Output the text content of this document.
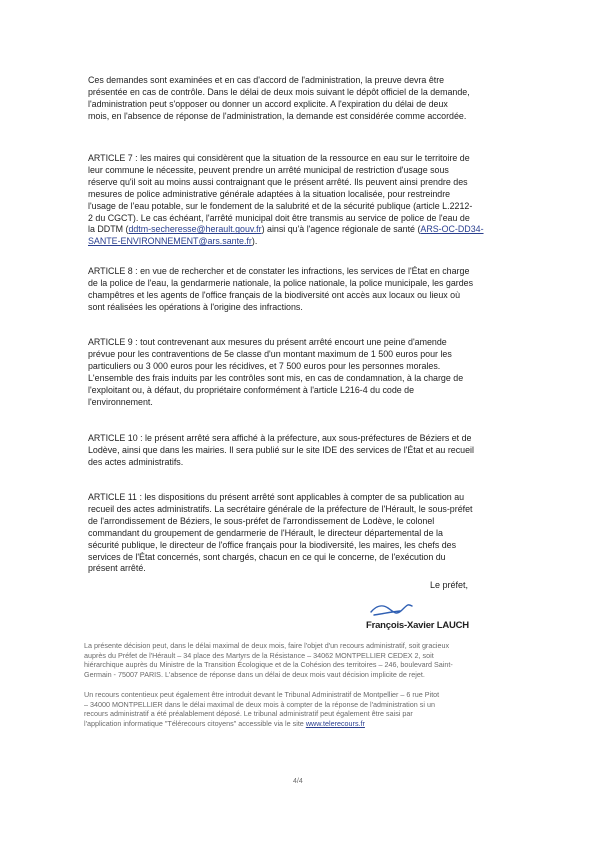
Ces demandes sont examinées et en cas d'accord de l'administration, la preuve devra être
présentée en cas de contrôle. Dans le délai de deux mois suivant le dépôt officiel de la demande,
l'administration peut s'opposer ou donner un accord explicite. A l'expiration du délai de deux
mois, en l'absence de réponse de l'administration, la demande est considérée comme accordée.
ARTICLE 7 : les maires qui considèrent que la situation de la ressource en eau sur le territoire de
leur commune le nécessite, peuvent prendre un arrêté municipal de restriction d'usage sous
réserve qu'il soit au moins aussi contraignant que le présent arrêté. Ils peuvent ainsi prendre des
mesures de police administrative générale adaptées à la situation localisée, pour restreindre
l'usage de l'eau potable, sur le fondement de la salubrité et de la sécurité publique (article L.2212-
2 du CGCT). Le cas échéant, l'arrêté municipal doit être transmis au service de police de l'eau de
la DDTM (ddtm-secheresse@herault.gouv.fr) ainsi qu'à l'agence régionale de santé (ARS-OC-DD34-
SANTE-ENVIRONNEMENT@ars.sante.fr).
ARTICLE 8 : en vue de rechercher et de constater les infractions, les services de l'État en charge
de la police de l'eau, la gendarmerie nationale, la police nationale, la police municipale, les gardes
champêtres et les agents de l'office français de la biodiversité ont accès aux locaux ou lieux où
sont réalisées les opérations à l'origine des infractions.
ARTICLE 9 : tout contrevenant aux mesures du présent arrêté encourt une peine d'amende
prévue pour les contraventions de 5e classe d'un montant maximum de 1 500 euros pour les
particuliers ou 3 000 euros pour les récidives, et 7 500 euros pour les personnes morales.
L'ensemble des frais induits par les contrôles sont mis, en cas de condamnation, à la charge de
l'exploitant ou, à défaut, du propriétaire conformément à l'article L216-4 du code de
l'environnement.
ARTICLE 10 : le présent arrêté sera affiché à la préfecture, aux sous-préfectures de Béziers et de
Lodève, ainsi que dans les mairies. Il sera publié sur le site IDE des services de l'État et au recueil
des actes administratifs.
ARTICLE 11 : les dispositions du présent arrêté sont applicables à compter de sa publication au
recueil des actes administratifs. La secrétaire générale de la préfecture de l'Hérault, le sous-préfet
de l'arrondissement de Béziers, le sous-préfet de l'arrondissement de Lodève, le colonel
commandant du groupement de gendarmerie de l'Hérault, le directeur départemental de la
sécurité publique, le directeur de l'office français pour la biodiversité, les maires, les chefs des
services de l'État concernés, sont chargés, chacun en ce qui le concerne, de l'exécution du
présent arrêté.
Le préfet,
François-Xavier LAUCH
La présente décision peut, dans le délai maximal de deux mois, faire l'objet d'un recours administratif, soit gracieux
auprès du Préfet de l'Hérault – 34 place des Martyrs de la Résistance – 34062 MONTPELLIER CEDEX 2, soit
hiérarchique auprès du Ministre de la Transition Écologique et de la Cohésion des territoires – 246, boulevard Saint-
Germain - 75007 PARIS. L'absence de réponse dans un délai de deux mois vaut décision implicite de rejet.
Un recours contentieux peut également être introduit devant le Tribunal Administratif de Montpellier – 6 rue Pitot
– 34000 MONTPELLIER dans le délai maximal de deux mois à compter de la réponse de l'administration si un
recours administratif a été préalablement déposé. Le tribunal administratif peut également être saisi par
l'application informatique "Télérecours citoyens" accessible via le site www.telerecours.fr
4/4
